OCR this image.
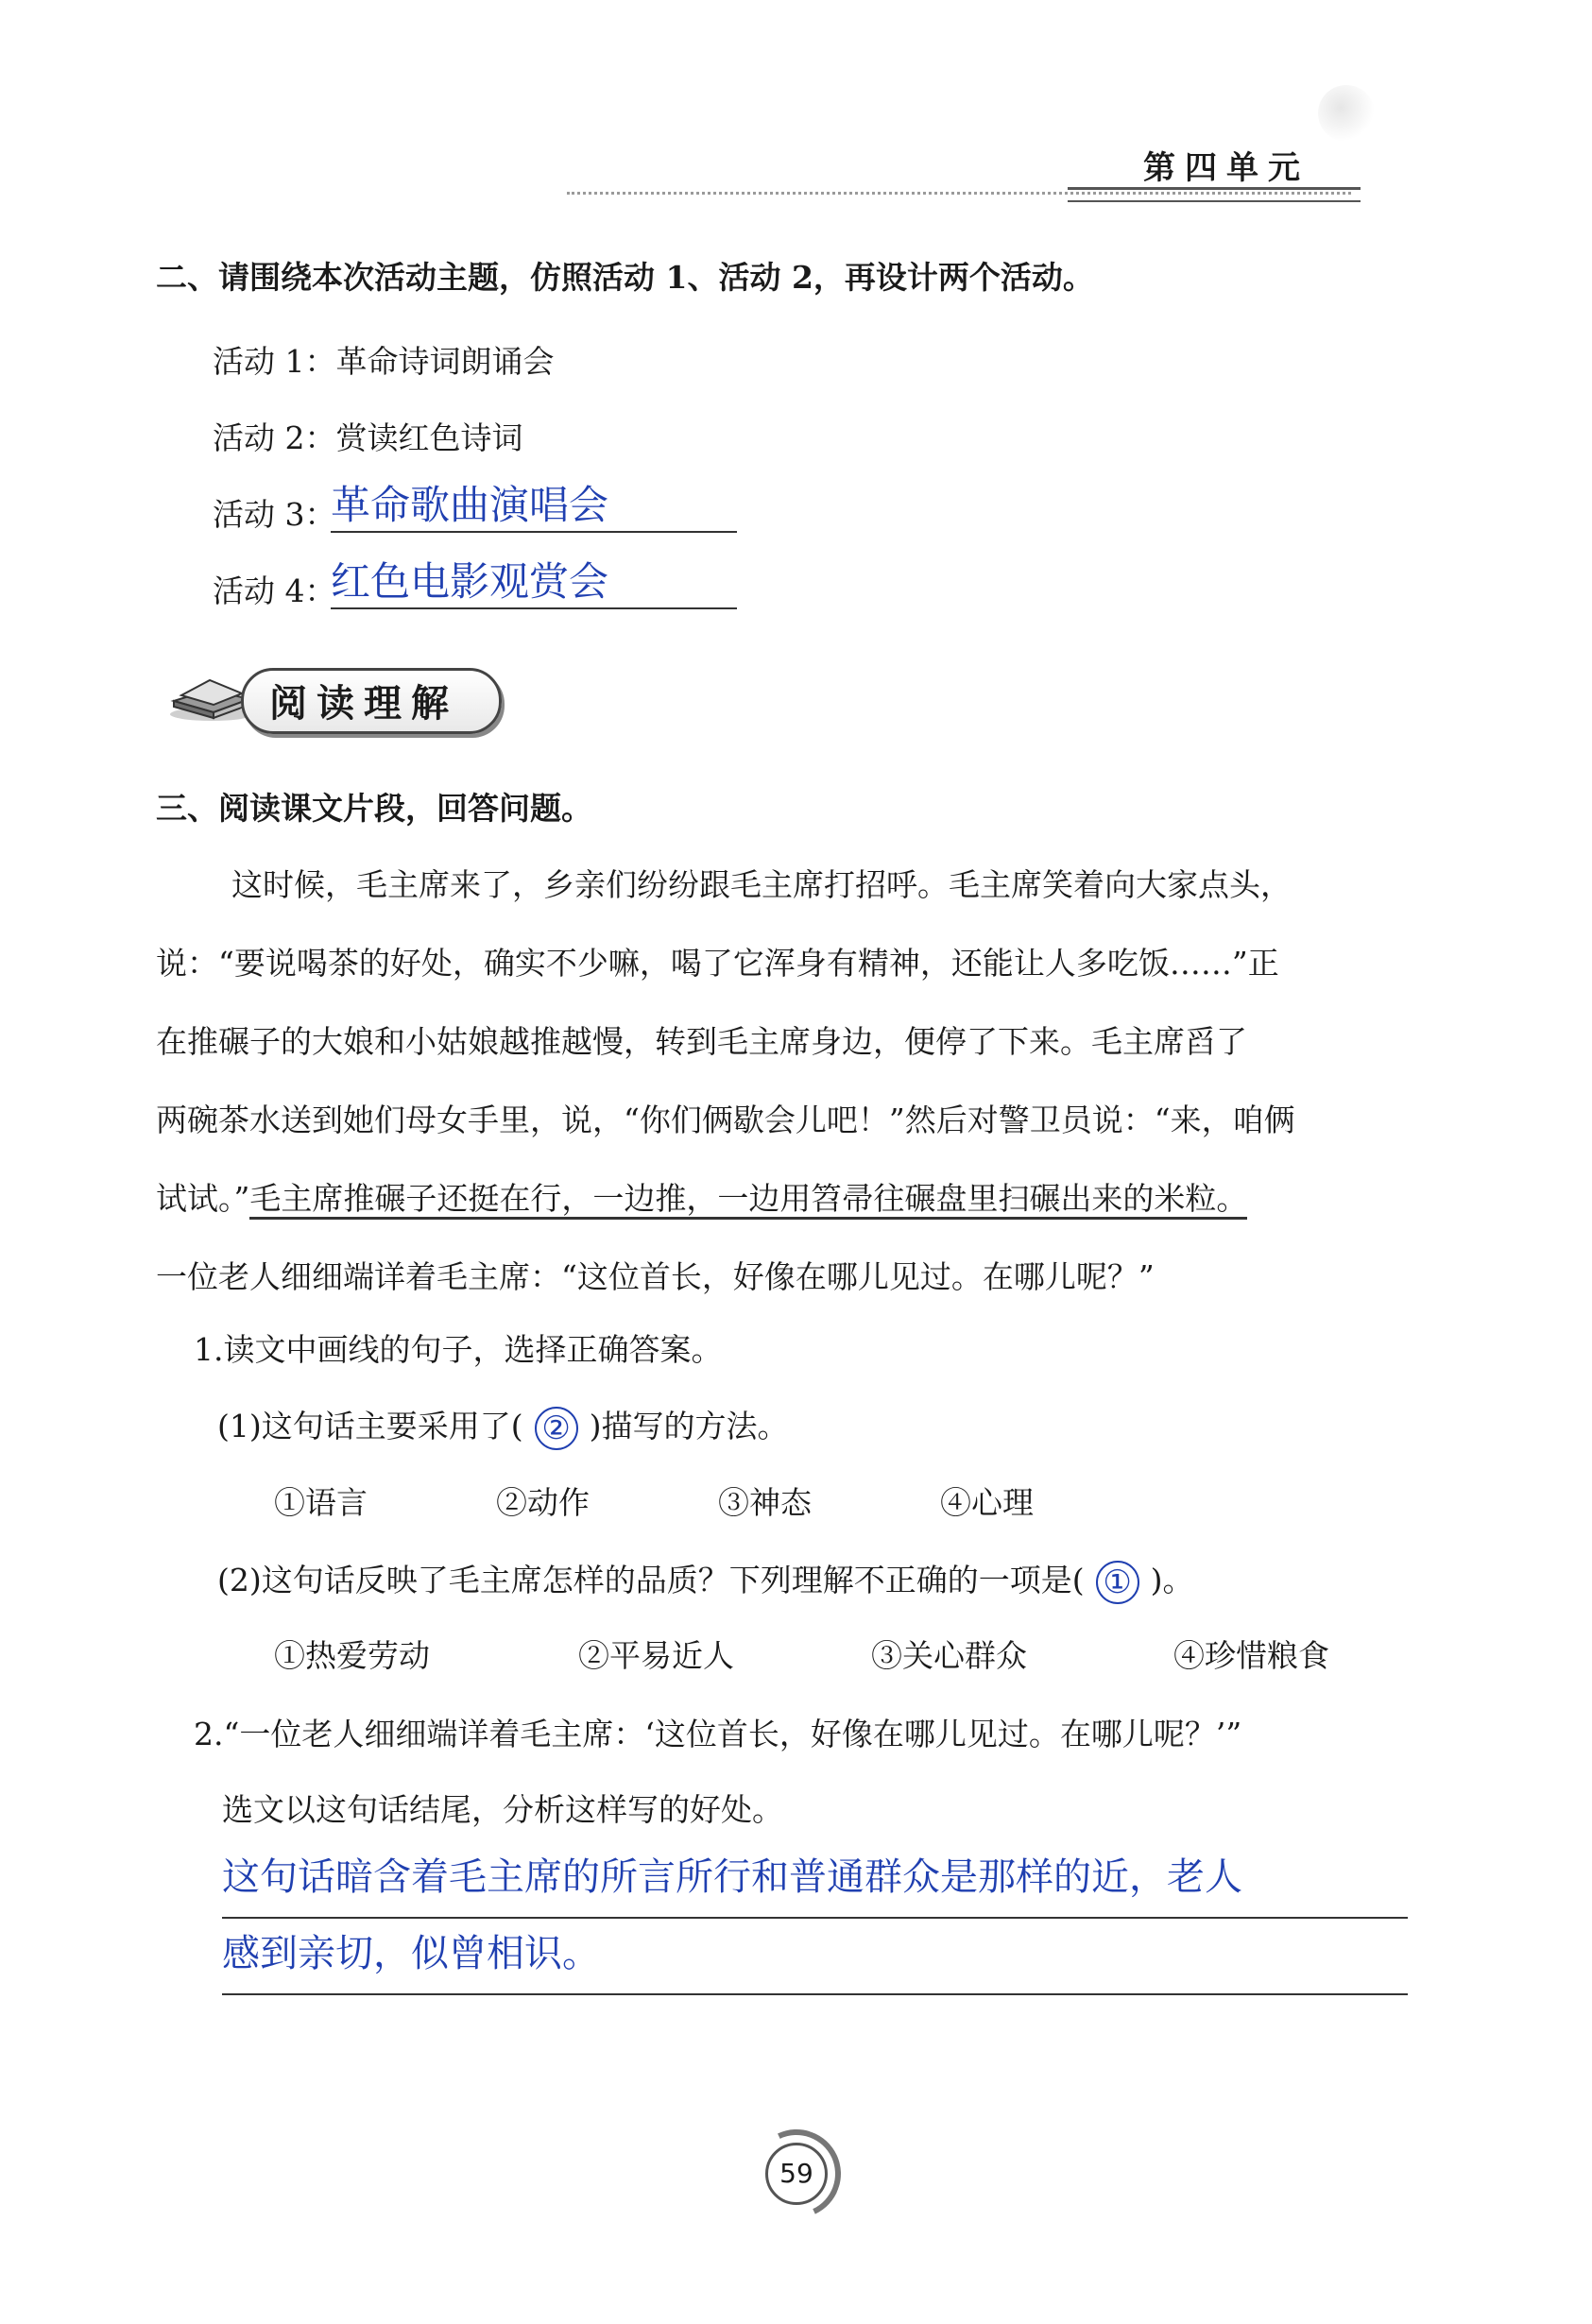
第四单元
二、请围绕本次活动主题，仿照活动 1、活动 2，再设计两个活动。
活动 1：革命诗词朗诵会
活动 2：赏读红色诗词
活动 3：
革命歌曲演唱会
活动 4：
红色电影观赏会
阅读理解
三、阅读课文片段，回答问题。

这时候，毛主席来了，乡亲们纷纷跟毛主席打招呼。毛主席笑着向大家点头，

说：“要说喝茶的好处，确实不少嘛，喝了它浑身有精神，还能让人多吃饭……”正

在推碾子的大娘和小姑娘越推越慢，转到毛主席身边，便停了下来。毛主席舀了

两碗茶水送到她们母女手里，说，“你们俩歇会儿吧！”然后对警卫员说：“来，咱俩

试试。”毛主席推碾子还挺在行，一边推，一边用笤帚往碾盘里扫碾出来的米粒。

一位老人细细端详着毛主席：“这位首长，好像在哪儿见过。在哪儿呢？”

1.读文中画线的句子，选择正确答案。
(1)这句话主要采用了( ② )描写的方法。
①语言	②动作	③神态	④心理
(2)这句话反映了毛主席怎样的品质？下列理解不正确的一项是( ① )。
①热爱劳动	②平易近人	③关心群众	④珍惜粮食
2.“一位老人细细端详着毛主席：‘这位首长，好像在哪儿见过。在哪儿呢？’”
选文以这句话结尾，分析这样写的好处。
这句话暗含着毛主席的所言所行和普通群众是那样的近，老人
感到亲切，似曾相识。
59
